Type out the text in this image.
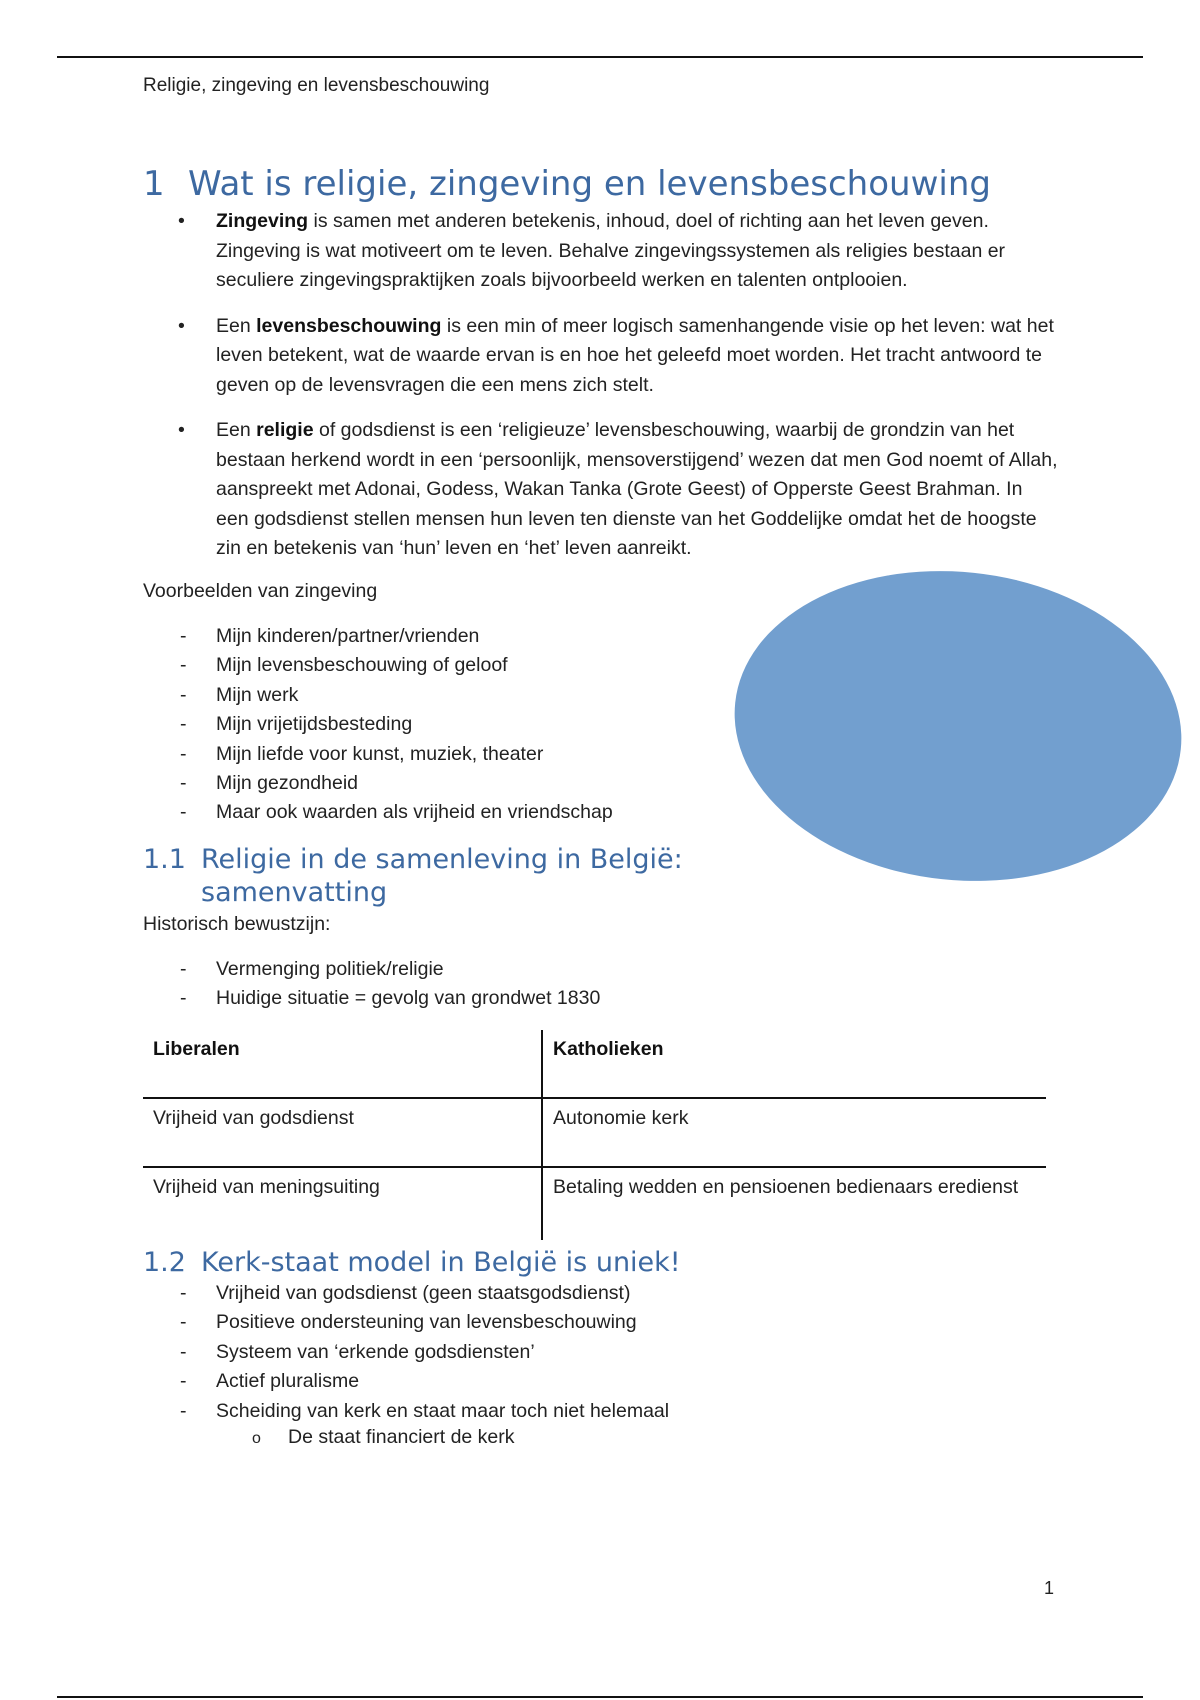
Religie, zingeving en levensbeschouwing
1 Wat is religie, zingeving en levensbeschouwing
• Zingeving is samen met anderen betekenis, inhoud, doel of richting aan het leven geven. Zingeving is wat motiveert om te leven. Behalve zingevingssystemen als religies bestaan er seculiere zingevingspraktijken zoals bijvoorbeeld werken en talenten ontplooien.
• Een levensbeschouwing is een min of meer logisch samenhangende visie op het leven: wat het leven betekent, wat de waarde ervan is en hoe het geleefd moet worden. Het tracht antwoord te geven op de levensvragen die een mens zich stelt.
• Een religie of godsdienst is een ‘religieuze’ levensbeschouwing, waarbij de grondzin van het bestaan herkend wordt in een ‘persoonlijk, mensoverstijgend’ wezen dat men God noemt of Allah, aanspreekt met Adonai, Godess, Wakan Tanka (Grote Geest) of Opperste Geest Brahman. In een godsdienst stellen mensen hun leven ten dienste van het Goddelijke omdat het de hoogste zin en betekenis van ‘hun’ leven en ‘het’ leven aanreikt.
Voorbeelden van zingeving
- Mijn kinderen/partner/vrienden
- Mijn levensbeschouwing of geloof
- Mijn werk
- Mijn vrijetijdsbesteding
- Mijn liefde voor kunst, muziek, theater
- Mijn gezondheid
- Maar ook waarden als vrijheid en vriendschap
1.1 Religie in de samenleving in België:
samenvatting
Historisch bewustzijn:
- Vermenging politiek/religie
- Huidige situatie = gevolg van grondwet 1830
Liberalen	Katholieken
Vrijheid van godsdienst	Autonomie kerk
Vrijheid van meningsuiting	Betaling wedden en pensioenen bedienaars eredienst
1.2 Kerk-staat model in België is uniek!
- Vrijheid van godsdienst (geen staatsgodsdienst)
- Positieve ondersteuning van levensbeschouwing
- Systeem van ‘erkende godsdiensten’
- Actief pluralisme
- Scheiding van kerk en staat maar toch niet helemaal
o De staat financiert de kerk
1
